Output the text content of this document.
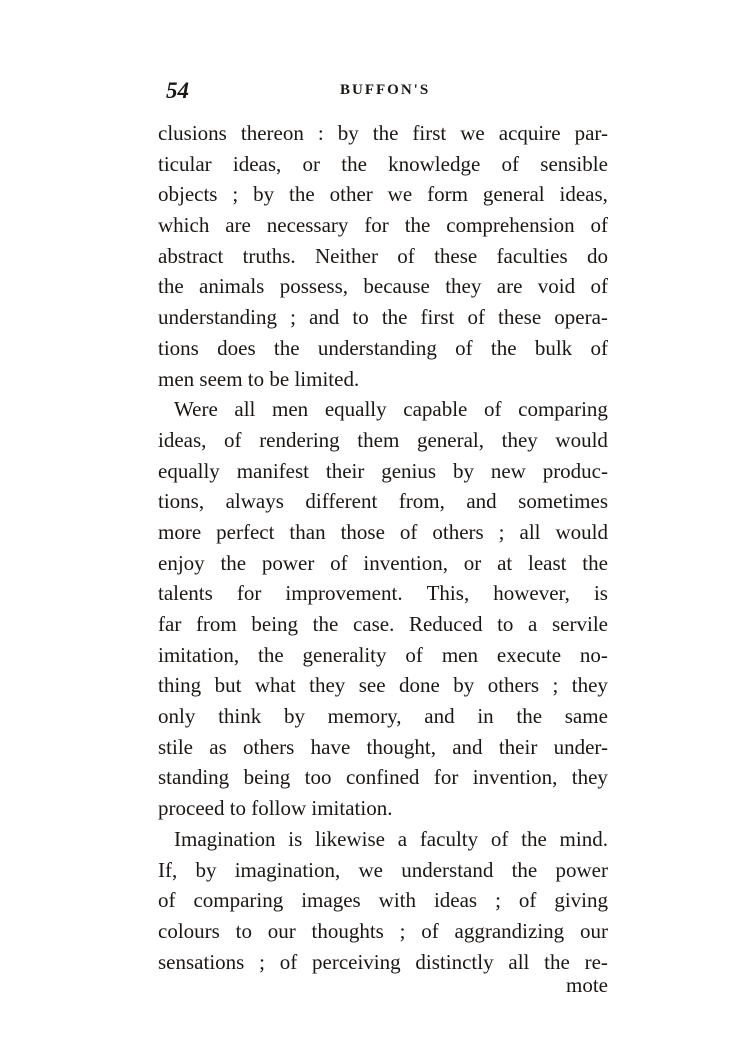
54	BUFFON'S
clusions thereon : by the first we acquire par-
ticular ideas, or the knowledge of sensible
objects ; by the other we form general ideas,
which are necessary for the comprehension of
abstract truths. Neither of these faculties do
the animals possess, because they are void of
understanding ; and to the first of these opera-
tions does the understanding of the bulk of
men seem to be limited.
Were all men equally capable of comparing
ideas, of rendering them general, they would
equally manifest their genius by new produc-
tions, always different from, and sometimes
more perfect than those of others ; all would
enjoy the power of invention, or at least the
talents for improvement. This, however, is
far from being the case. Reduced to a servile
imitation, the generality of men execute no-
thing but what they see done by others ; they
only think by memory, and in the same
stile as others have thought, and their under-
standing being too confined for invention, they
proceed to follow imitation.
Imagination is likewise a faculty of the mind.
If, by imagination, we understand the power
of comparing images with ideas ; of giving
colours to our thoughts ; of aggrandizing our
sensations ; of perceiving distinctly all the re-
mote
